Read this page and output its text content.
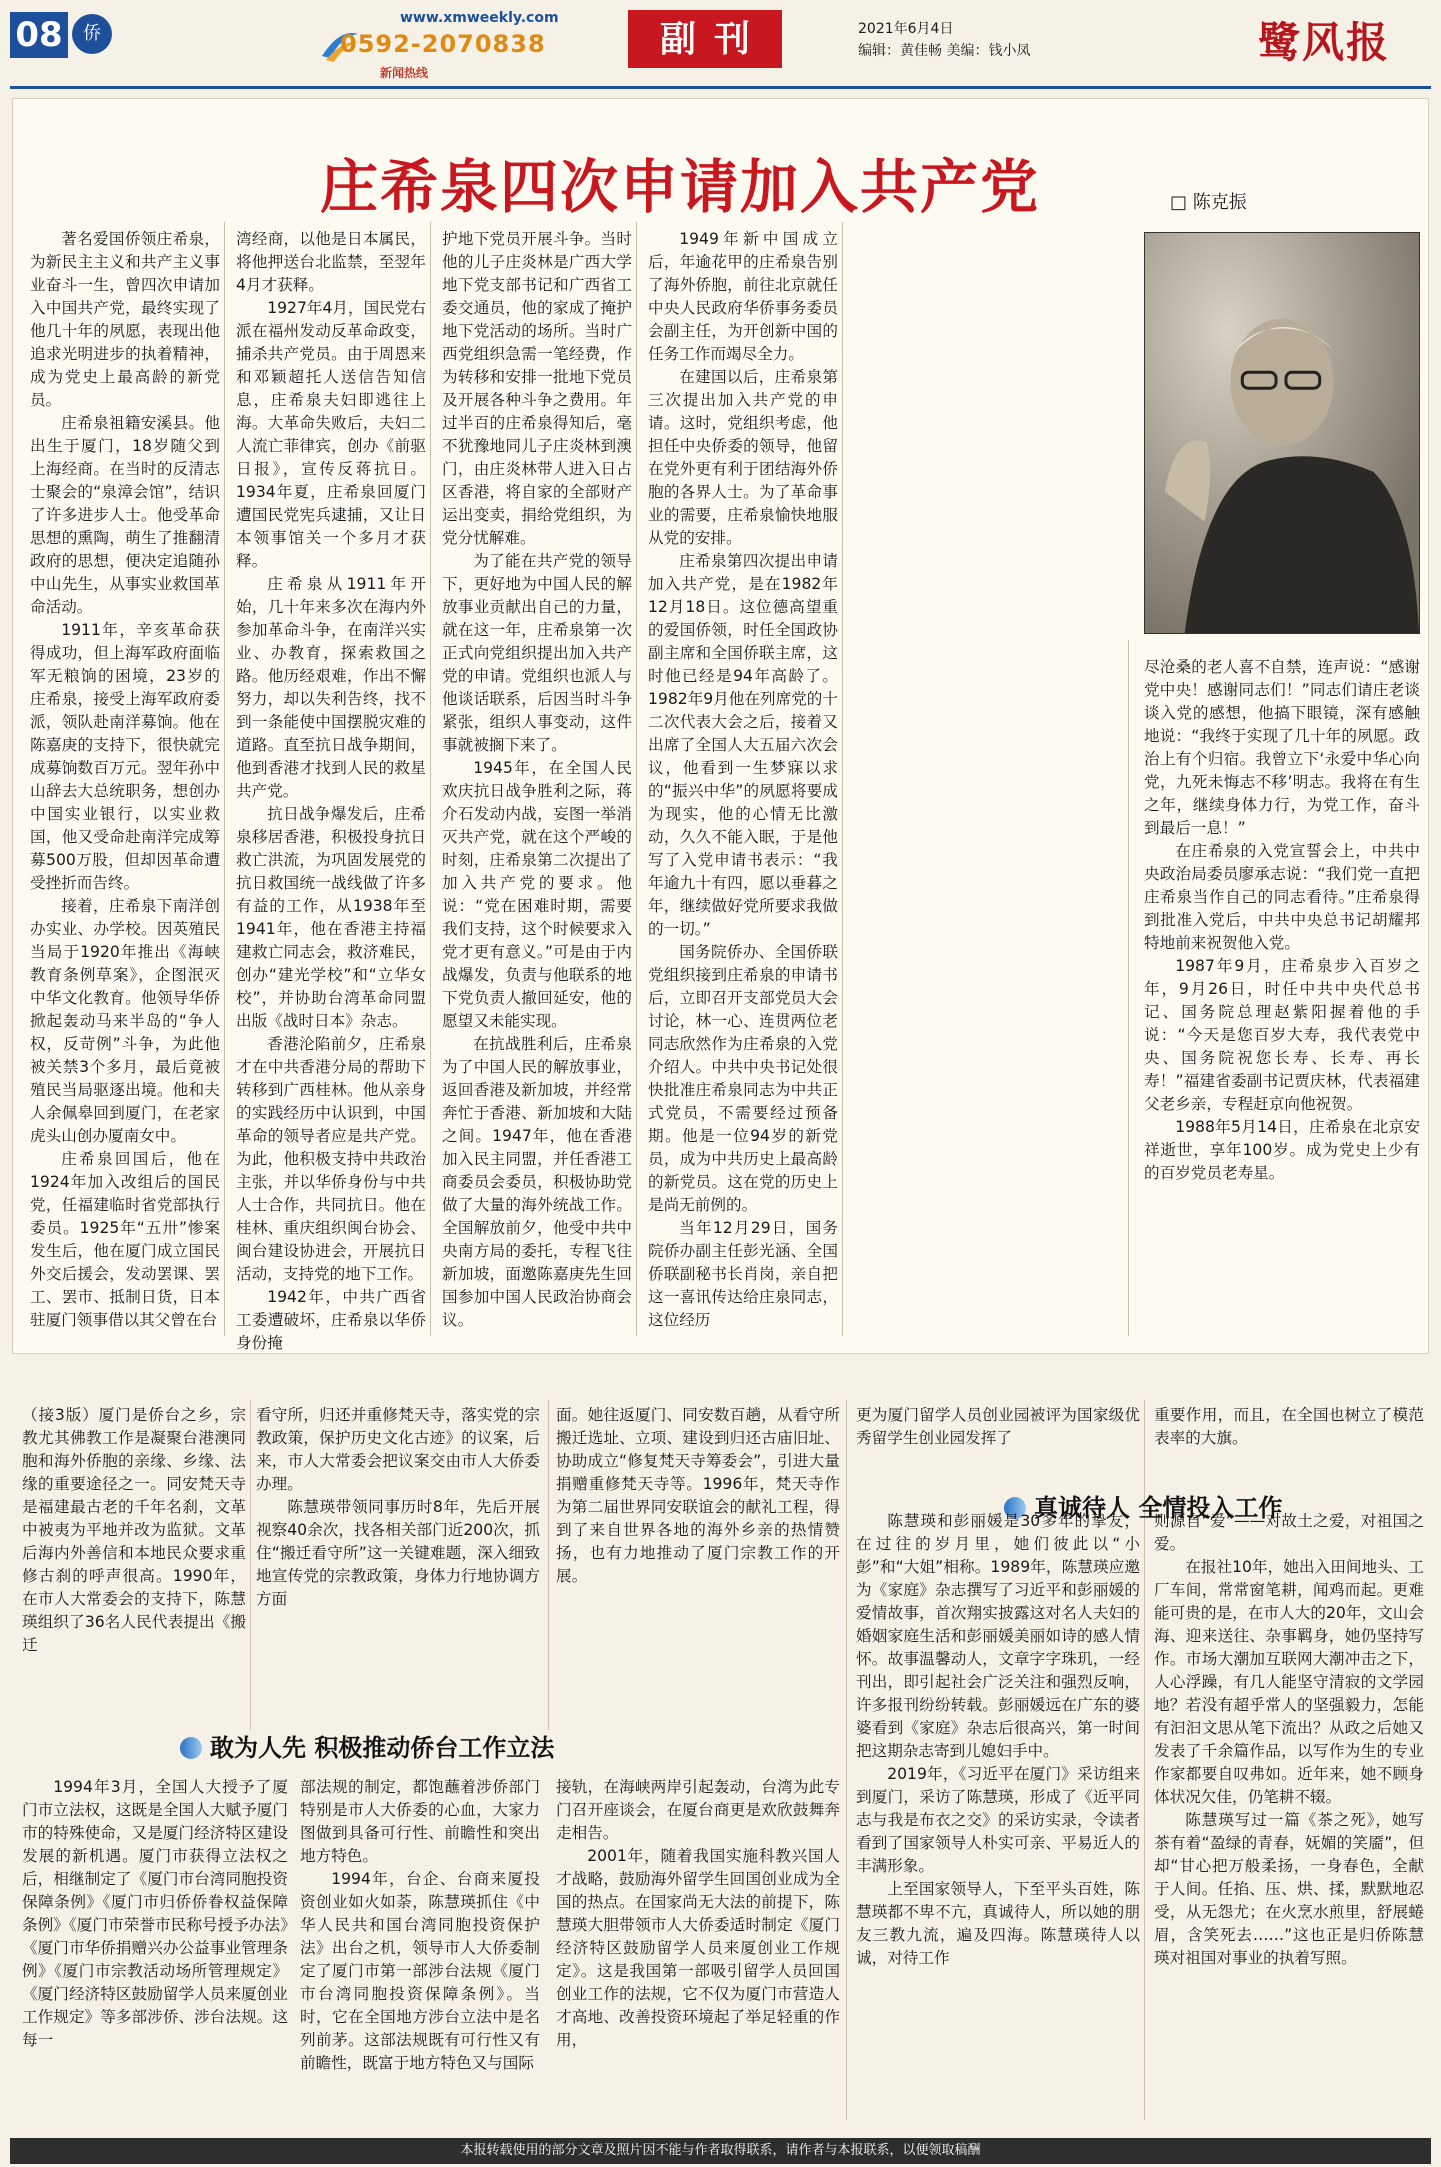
08	侨
www.xmweekly.com
0592-2070838
新闻热线
副刊	2021年6月4日
编辑：黄佳畅 美编：钱小凤	鹭风报
庄希泉四次申请加入共产党	□ 陈克振

著名爱国侨领庄希泉，为新民主主义和共产主义事业奋斗一生，曾四次申请加入中国共产党，最终实现了他几十年的夙愿，表现出他追求光明进步的执着精神，成为党史上最高龄的新党员。

庄希泉祖籍安溪县。他出生于厦门，18岁随父到上海经商。在当时的反清志士聚会的“泉漳会馆”，结识了许多进步人士。他受革命思想的熏陶，萌生了推翻清政府的思想，便决定追随孙中山先生，从事实业救国革命活动。

1911年，辛亥革命获得成功，但上海军政府面临军无粮饷的困境，23岁的庄希泉，接受上海军政府委派，领队赴南洋募饷。他在陈嘉庚的支持下，很快就完成募饷数百万元。翌年孙中山辞去大总统职务，想创办中国实业银行，以实业救国，他又受命赴南洋完成筹募500万股，但却因革命遭受挫折而告终。

接着，庄希泉下南洋创办实业、办学校。因英殖民当局于1920年推出《海峡教育条例草案》，企图泯灭中华文化教育。他领导华侨掀起轰动马来半岛的“争人权，反苛例”斗争，为此他被关禁3个多月，最后竟被殖民当局驱逐出境。他和夫人余佩皋回到厦门，在老家虎头山创办厦南女中。

庄希泉回国后，他在1924年加入改组后的国民党，任福建临时省党部执行委员。1925年“五卅”惨案发生后，他在厦门成立国民外交后援会，发动罢课、罢工、罢市、抵制日货，日本驻厦门领事借以其父曾在台

湾经商，以他是日本属民，将他押送台北监禁，至翌年4月才获释。

1927年4月，国民党右派在福州发动反革命政变，捕杀共产党员。由于周恩来和邓颖超托人送信告知信息，庄希泉夫妇即逃往上海。大革命失败后，夫妇二人流亡菲律宾，创办《前驱日报》，宣传反蒋抗日。1934年夏，庄希泉回厦门遭国民党宪兵逮捕，又让日本领事馆关一个多月才获释。

庄希泉从1911年开始，几十年来多次在海内外参加革命斗争，在南洋兴实业、办教育，探索救国之路。他历经艰难，作出不懈努力，却以失利告终，找不到一条能使中国摆脱灾难的道路。直至抗日战争期间，他到香港才找到人民的救星共产党。

抗日战争爆发后，庄希泉移居香港，积极投身抗日救亡洪流，为巩固发展党的抗日救国统一战线做了许多有益的工作，从1938年至1941年，他在香港主持福建救亡同志会，救济难民，创办“建光学校”和“立华女校”，并协助台湾革命同盟出版《战时日本》杂志。

香港沦陷前夕，庄希泉才在中共香港分局的帮助下转移到广西桂林。他从亲身的实践经历中认识到，中国革命的领导者应是共产党。为此，他积极支持中共政治主张，并以华侨身份与中共人士合作，共同抗日。他在桂林、重庆组织闽台协会、闽台建设协进会，开展抗日活动，支持党的地下工作。

1942年，中共广西省工委遭破坏，庄希泉以华侨身份掩

护地下党员开展斗争。当时他的儿子庄炎林是广西大学地下党支部书记和广西省工委交通员，他的家成了掩护地下党活动的场所。当时广西党组织急需一笔经费，作为转移和安排一批地下党员及开展各种斗争之费用。年过半百的庄希泉得知后，毫不犹豫地同儿子庄炎林到澳门，由庄炎林带人进入日占区香港，将自家的全部财产运出变卖，捐给党组织，为党分忧解难。

为了能在共产党的领导下，更好地为中国人民的解放事业贡献出自己的力量，就在这一年，庄希泉第一次正式向党组织提出加入共产党的申请。党组织也派人与他谈话联系，后因当时斗争紧张，组织人事变动，这件事就被搁下来了。

1945年，在全国人民欢庆抗日战争胜利之际，蒋介石发动内战，妄图一举消灭共产党，就在这个严峻的时刻，庄希泉第二次提出了加入共产党的要求。他说：“党在困难时期，需要我们支持，这个时候要求入党才更有意义。”可是由于内战爆发，负责与他联系的地下党负责人撤回延安，他的愿望又未能实现。

在抗战胜利后，庄希泉为了中国人民的解放事业，返回香港及新加坡，并经常奔忙于香港、新加坡和大陆之间。1947年，他在香港加入民主同盟，并任香港工商委员会委员，积极协助党做了大量的海外统战工作。全国解放前夕，他受中共中央南方局的委托，专程飞往新加坡，面邀陈嘉庚先生回国参加中国人民政治协商会议。

1949年新中国成立后，年逾花甲的庄希泉告别了海外侨胞，前往北京就任中央人民政府华侨事务委员会副主任，为开创新中国的任务工作而竭尽全力。

在建国以后，庄希泉第三次提出加入共产党的申请。这时，党组织考虑，他担任中央侨委的领导，他留在党外更有利于团结海外侨胞的各界人士。为了革命事业的需要，庄希泉愉快地服从党的安排。

庄希泉第四次提出申请加入共产党，是在1982年12月18日。这位德高望重的爱国侨领，时任全国政协副主席和全国侨联主席，这时他已经是94年高龄了。1982年9月他在列席党的十二次代表大会之后，接着又出席了全国人大五届六次会议，他看到一生梦寐以求的“振兴中华”的夙愿将要成为现实，他的心情无比激动，久久不能入眠，于是他写了入党申请书表示：“我年逾九十有四，愿以垂暮之年，继续做好党所要求我做的一切。”

国务院侨办、全国侨联党组织接到庄希泉的申请书后，立即召开支部党员大会讨论，林一心、连贯两位老同志欣然作为庄希泉的入党介绍人。中共中央书记处很快批准庄希泉同志为中共正式党员，不需要经过预备期。他是一位94岁的新党员，成为中共历史上最高龄的新党员。这在党的历史上是尚无前例的。

当年12月29日，国务院侨办副主任彭光涵、全国侨联副秘书长肖岗，亲自把这一喜讯传达给庄泉同志，这位经历

尽沧桑的老人喜不自禁，连声说：“感谢党中央！感谢同志们！”同志们请庄老谈谈入党的感想，他搞下眼镜，深有感触地说：“我终于实现了几十年的夙愿。政治上有个归宿。我曾立下‘永爱中华心向党，九死未悔志不移’明志。我将在有生之年，继续身体力行，为党工作，奋斗到最后一息！”

在庄希泉的入党宣誓会上，中共中央政治局委员廖承志说：“我们党一直把庄希泉当作自己的同志看待。”庄希泉得到批准入党后，中共中央总书记胡耀邦特地前来祝贺他入党。

1987年9月，庄希泉步入百岁之年，9月26日，时任中共中央代总书记、国务院总理赵紫阳握着他的手说：“今天是您百岁大寿，我代表党中央、国务院祝您长寿、长寿、再长寿！”福建省委副书记贾庆林，代表福建父老乡亲，专程赶京向他祝贺。

1988年5月14日，庄希泉在北京安祥逝世，享年100岁。成为党史上少有的百岁党员老寿星。

（接3版）厦门是侨台之乡，宗教尤其佛教工作是凝聚台港澳同胞和海外侨胞的亲缘、乡缘、法缘的重要途径之一。同安梵天寺是福建最古老的千年名刹，文革中被夷为平地并改为监狱。文革后海内外善信和本地民众要求重修古刹的呼声很高。1990年，在市人大常委会的支持下，陈慧瑛组织了36名人民代表提出《搬迁

看守所，归还并重修梵天寺，落实党的宗教政策，保护历史文化古迹》的议案，后来，市人大常委会把议案交由市人大侨委办理。

陈慧瑛带领同事历时8年，先后开展视察40余次，找各相关部门近200次，抓住“搬迁看守所”这一关键难题，深入细致地宣传党的宗教政策，身体力行地协调方方面

面。她往返厦门、同安数百趟，从看守所搬迁选址、立项、建设到归还古庙旧址、协助成立“修复梵天寺筹委会”，引进大量捐赠重修梵天寺等。1996年，梵天寺作为第二届世界同安联谊会的献礼工程，得到了来自世界各地的海外乡亲的热情赞扬，也有力地推动了厦门宗教工作的开展。

敢为人先 积极推动侨台工作立法
真诚待人 全情投入工作

1994年3月，全国人大授予了厦门市立法权，这既是全国人大赋予厦门市的特殊使命，又是厦门经济特区建设发展的新机遇。厦门市获得立法权之后，相继制定了《厦门市台湾同胞投资保障条例》《厦门市归侨侨眷权益保障条例》《厦门市荣誉市民称号授予办法》《厦门市华侨捐赠兴办公益事业管理条例》《厦门市宗教活动场所管理规定》《厦门经济特区鼓励留学人员来厦创业工作规定》等多部涉侨、涉台法规。这每一

部法规的制定，都饱蘸着涉侨部门特别是市人大侨委的心血，大家力图做到具备可行性、前瞻性和突出地方特色。

1994年，台企、台商来厦投资创业如火如荼，陈慧瑛抓住《中华人民共和国台湾同胞投资保护法》出台之机，领导市人大侨委制定了厦门市第一部涉台法规《厦门市台湾同胞投资保障条例》。当时，它在全国地方涉台立法中是名列前茅。这部法规既有可行性又有前瞻性，既富于地方特色又与国际

接轨，在海峡两岸引起轰动，台湾为此专门召开座谈会，在厦台商更是欢欣鼓舞奔走相告。

2001年，随着我国实施科教兴国人才战略，鼓励海外留学生回国创业成为全国的热点。在国家尚无大法的前提下，陈慧瑛大胆带领市人大侨委适时制定《厦门经济特区鼓励留学人员来厦创业工作规定》。这是我国第一部吸引留学人员回国创业工作的法规，它不仅为厦门市营造人才高地、改善投资环境起了举足轻重的作用，

更为厦门留学人员创业园被评为国家级优秀留学生创业园发挥了

陈慧瑛和彭丽媛是30多年的挚友，在过往的岁月里，她们彼此以“小彭”和“大姐”相称。1989年，陈慧瑛应邀为《家庭》杂志撰写了习近平和彭丽媛的爱情故事，首次翔实披露这对名人夫妇的婚姻家庭生活和彭丽媛美丽如诗的感人情怀。故事温馨动人，文章字字珠玑，一经刊出，即引起社会广泛关注和强烈反响，许多报刊纷纷转载。彭丽媛远在广东的婆婆看到《家庭》杂志后很高兴，第一时间把这期杂志寄到儿媳妇手中。

2019年，《习近平在厦门》采访组来到厦门，采访了陈慧瑛，形成了《近平同志与我是布衣之交》的采访实录，令读者看到了国家领导人朴实可亲、平易近人的丰满形象。

上至国家领导人，下至平头百姓，陈慧瑛都不卑不亢，真诚待人，所以她的朋友三教九流，遍及四海。陈慧瑛待人以诚，对待工作

重要作用，而且，在全国也树立了模范表率的大旗。

则源自“爱”——对故土之爱，对祖国之爱。

在报社10年，她出入田间地头、工厂车间，常常窗笔耕，闻鸡而起。更难能可贵的是，在市人大的20年，文山会海、迎来送往、杂事羁身，她仍坚持写作。市场大潮加互联网大潮冲击之下，人心浮躁，有几人能坚守清寂的文学园地？若没有超乎常人的坚强毅力，怎能有汩汩文思从笔下流出？从政之后她又发表了千余篇作品，以写作为生的专业作家都要自叹弗如。近年来，她不顾身体状况欠佳，仍笔耕不辍。

陈慧瑛写过一篇《茶之死》，她写茶有着“盈绿的青春，妩媚的笑靥”，但却“甘心把万般柔扬，一身春色，全献于人间。任掐、压、烘、揉，默默地忍受，从无怨尤；在火烹水煎里，舒展蜷眉，含笑死去……”这也正是归侨陈慧瑛对祖国对事业的执着写照。

本报转载使用的部分文章及照片因不能与作者取得联系，请作者与本报联系，以便领取稿酬
